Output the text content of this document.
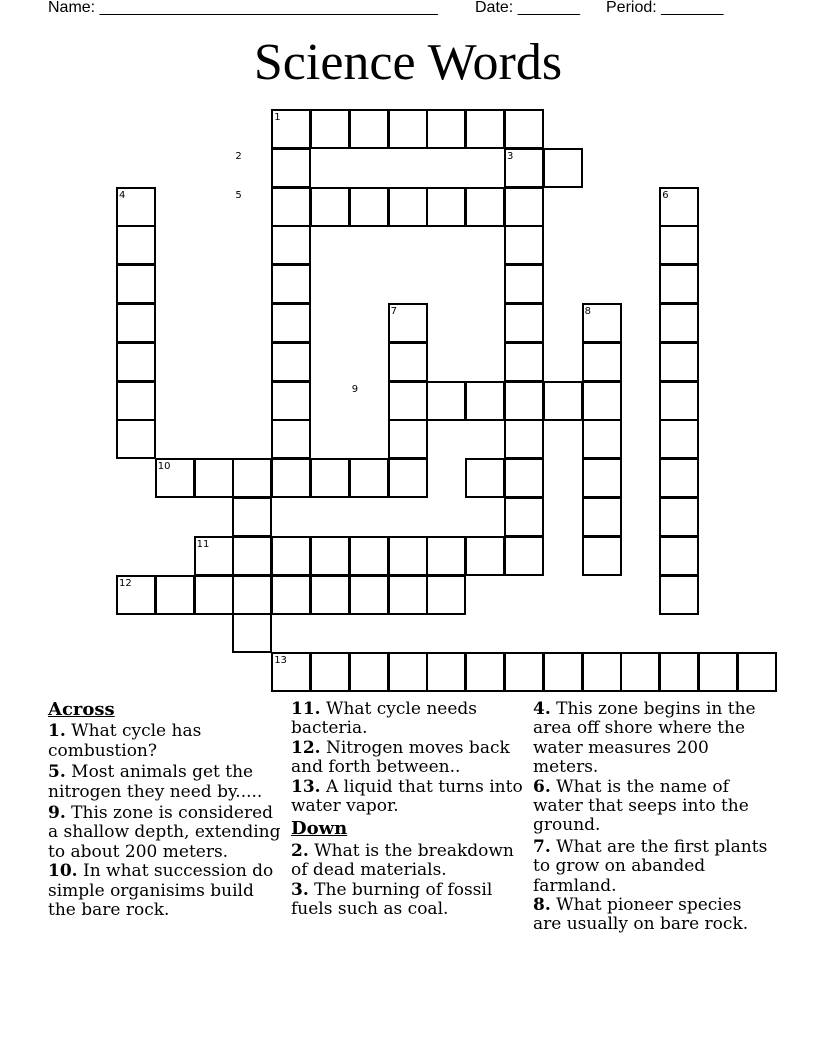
Name: ______________________________________ Date: _______ Period: _______
Science Words
1
2	3
4	5	6
7	8
9
10
11
12
13
Across
1. What cycle has combustion?
5. Most animals get the nitrogen they need by.....
9. This zone is considered a shallow depth, extending to about 200 meters.
10. In what succession do simple organisims build the bare rock.
11. What cycle needs bacteria.
12. Nitrogen moves back and forth between..
13. A liquid that turns into water vapor.
Down
2. What is the breakdown of dead materials.
3. The burning of fossil fuels such as coal.
4. This zone begins in the area off shore where the water measures 200 meters.
6. What is the name of water that seeps into the ground.
7. What are the first plants to grow on abanded farmland.
8. What pioneer species are usually on bare rock.
